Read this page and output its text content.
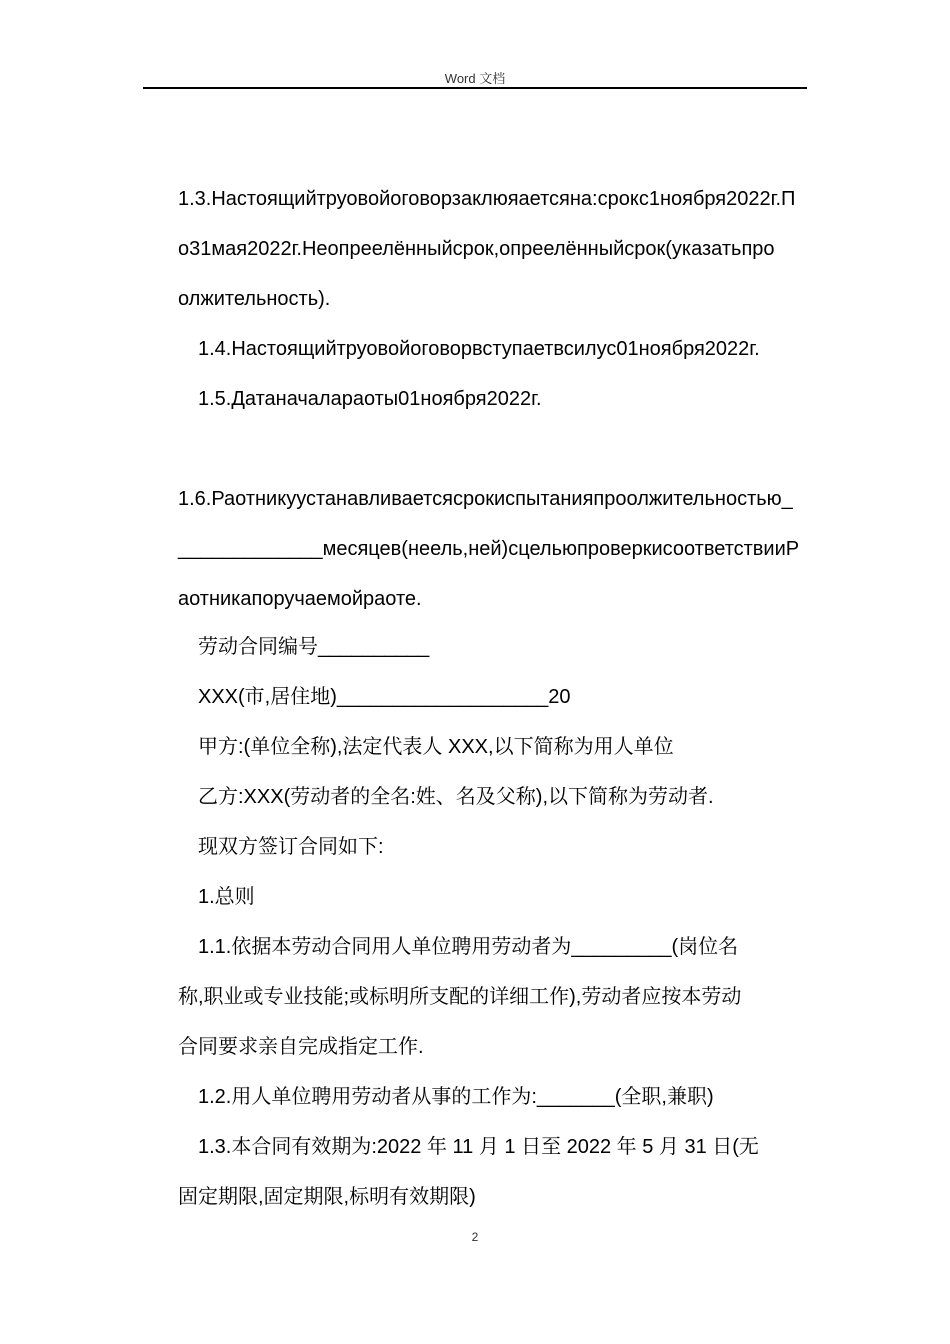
Word 文档
1.3.Настоящийтруовойоговорзаклюяаетсяна:срокс1ноября2022г.П
о31мая2022г.Неопреелённыйсрок,опреелённыйсрок(указатьпро
олжительность).
1.4.Настоящийтруовойоговорвступаетвсилус01ноября2022г.
1.5.Датаначалараоты01ноября2022г.
1.6.Раотникуустанавливаетсясрокиспытанияпроолжительностью_
_____________месяцев(неель,ней)сцельюпроверкисоответствииР
аотникапоручаемойраоте.
劳动合同编号__________
XXX(市,居住地)___________________20
甲方:(单位全称),法定代表人 XXX,以下简称为用人单位
乙方:XXX(劳动者的全名:姓、名及父称),以下简称为劳动者.
现双方签订合同如下:
1.总则
1.1.依据本劳动合同用人单位聘用劳动者为_________(岗位名
称,职业或专业技能;或标明所支配的详细工作),劳动者应按本劳动
合同要求亲自完成指定工作.
1.2.用人单位聘用劳动者从事的工作为:_______(全职,兼职)
1.3.本合同有效期为:2022 年 11 月 1 日至 2022 年 5 月 31 日(无
固定期限,固定期限,标明有效期限)
2
